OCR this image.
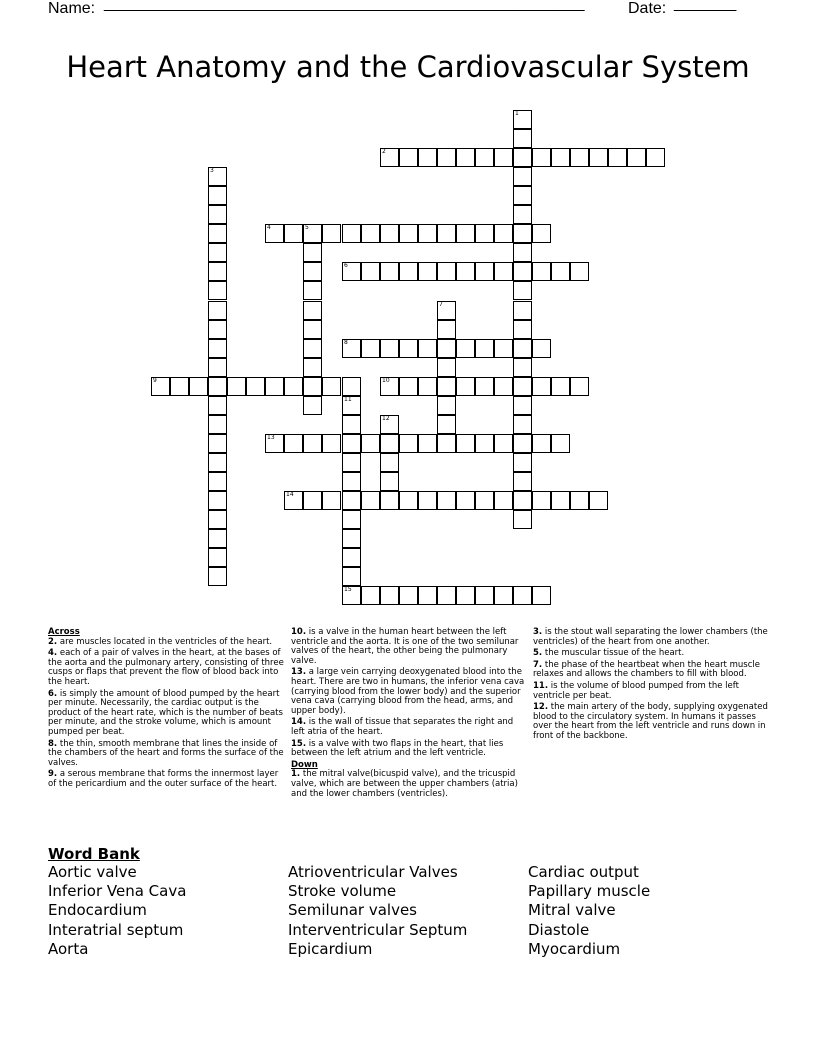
Name: ______________________________________________________	Date: _______
Heart Anatomy and the Cardiovascular System
1
2
3
4	5
6
7
8
9	10
11
15
12
13
14
Across
2. are muscles located in the ventricles of the heart.
4. each of a pair of valves in the heart, at the bases of the aorta and the pulmonary artery, consisting of three cusps or flaps that prevent the flow of blood back into the heart.
6. is simply the amount of blood pumped by the heart per minute. Necessarily, the cardiac output is the product of the heart rate, which is the number of beats per minute, and the stroke volume, which is amount pumped per beat.
8. the thin, smooth membrane that lines the inside of the chambers of the heart and forms the surface of the valves.
9. a serous membrane that forms the innermost layer of the pericardium and the outer surface of the heart.
10. is a valve in the human heart between the left ventricle and the aorta. It is one of the two semilunar valves of the heart, the other being the pulmonary valve.
13. a large vein carrying deoxygenated blood into the heart. There are two in humans, the inferior vena cava (carrying blood from the lower body) and the superior vena cava (carrying blood from the head, arms, and upper body).
14. is the wall of tissue that separates the right and left atria of the heart.
15. is a valve with two flaps in the heart, that lies between the left atrium and the left ventricle.
Down
1. the mitral valve(bicuspid valve), and the tricuspid valve, which are between the upper chambers (atria) and the lower chambers (ventricles).
3. is the stout wall separating the lower chambers (the ventricles) of the heart from one another.
5. the muscular tissue of the heart.
7. the phase of the heartbeat when the heart muscle relaxes and allows the chambers to fill with blood.
11. is the volume of blood pumped from the left ventricle per beat.
12. the main artery of the body, supplying oxygenated blood to the circulatory system. In humans it passes over the heart from the left ventricle and runs down in front of the backbone.
Word Bank
Aortic valve
Inferior Vena Cava
Endocardium
Interatrial septum
Aorta
Atrioventricular Valves
Stroke volume
Semilunar valves
Interventricular Septum
Epicardium
Cardiac output
Papillary muscle
Mitral valve
Diastole
Myocardium
